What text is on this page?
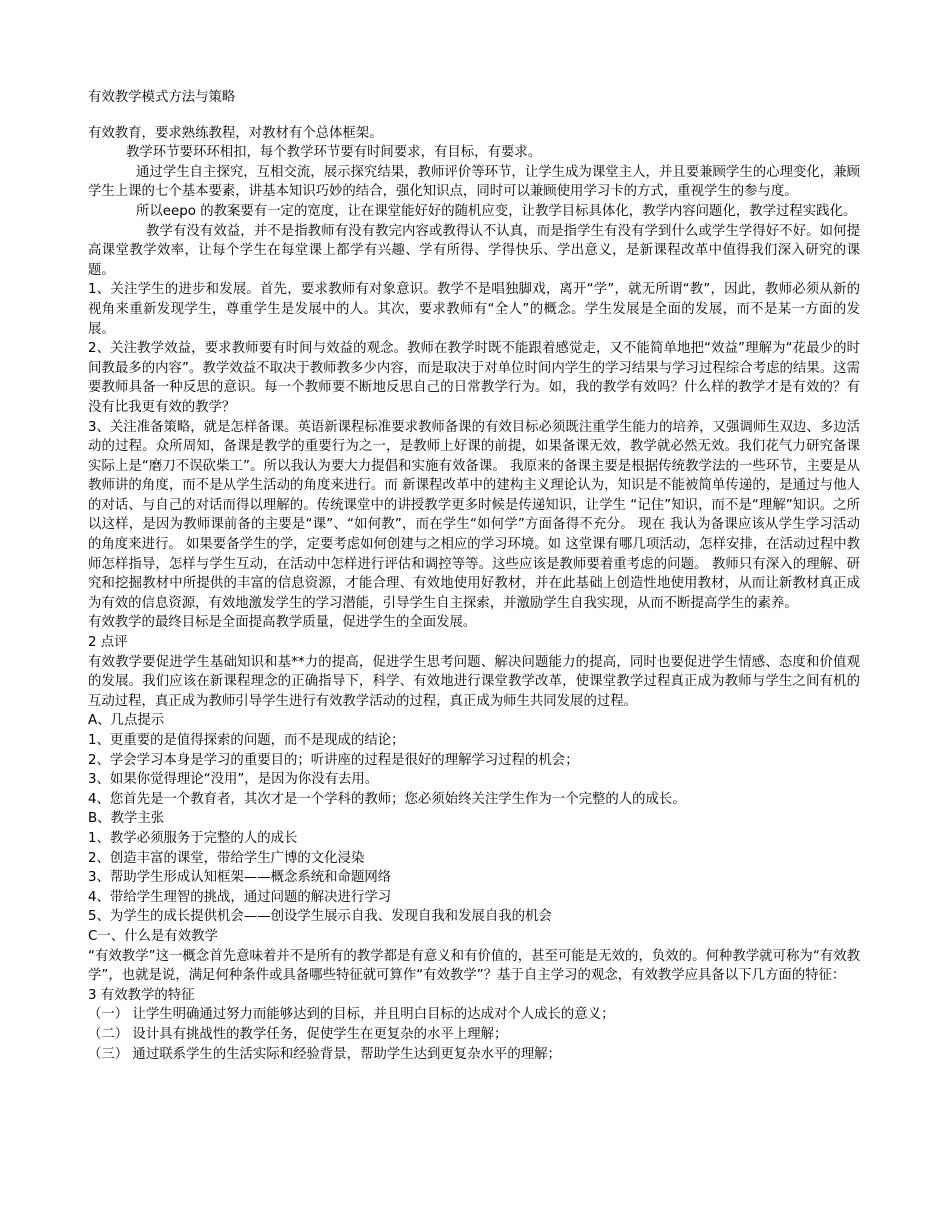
有效教学模式方法与策略

有效教育，要求熟练教程，对教材有个总体框架。

教学环节要环环相扣，每个教学环节要有时间要求，有目标，有要求。

通过学生自主探究，互相交流，展示探究结果，教师评价等环节，让学生成为课堂主人，并且要兼顾学生的心理变化，兼顾学生上课的七个基本要素，讲基本知识巧妙的结合，强化知识点，同时可以兼顾使用学习卡的方式，重视学生的参与度。

所以eepo 的教案要有一定的宽度，让在课堂能好好的随机应变，让教学目标具体化，教学内容问题化，教学过程实践化。

教学有没有效益，并不是指教师有没有教完内容或教得认不认真，而是指学生有没有学到什么或学生学得好不好。如何提高课堂教学效率，让每个学生在每堂课上都学有兴趣、学有所得、学得快乐、学出意义，是新课程改革中值得我们深入研究的课题。

1、关注学生的进步和发展。首先，要求教师有对象意识。教学不是唱独脚戏，离开“学”，就无所谓“教”，因此，教师必须从新的视角来重新发现学生，尊重学生是发展中的人。其次，要求教师有“全人”的概念。学生发展是全面的发展，而不是某一方面的发展。

2、关注教学效益，要求教师要有时间与效益的观念。教师在教学时既不能跟着感觉走，又不能简单地把“效益”理解为“花最少的时间教最多的内容”。教学效益不取决于教师教多少内容，而是取决于对单位时间内学生的学习结果与学习过程综合考虑的结果。这需要教师具备一种反思的意识。每一个教师要不断地反思自己的日常教学行为。如，我的教学有效吗？什么样的教学才是有效的？有没有比我更有效的教学？

3、关注准备策略，就是怎样备课。英语新课程标准要求教师备课的有效目标必须既注重学生能力的培养，又强调师生双边、多边活动的过程。众所周知，备课是教学的重要行为之一，是教师上好课的前提，如果备课无效，教学就必然无效。我们花气力研究备课实际上是“磨刀不误砍柴工”。所以我认为要大力提倡和实施有效备课。 我原来的备课主要是根据传统教学法的一些环节，主要是从教师讲的角度，而不是从学生活动的角度来进行。而 新课程改革中的建构主义理论认为，知识是不能被简单传递的，是通过与他人的对话、与自己的对话而得以理解的。传统课堂中的讲授教学更多时候是传递知识，让学生 “记住”知识，而不是“理解”知识。之所以这样，是因为教师课前备的主要是“课”、“如何教”，而在学生“如何学”方面备得不充分。 现在 我认为备课应该从学生学习活动的角度来进行。 如果要备学生的学，定要考虑如何创建与之相应的学习环境。如 这堂课有哪几项活动，怎样安排，在活动过程中教师怎样指导，怎样与学生互动，在活动中怎样进行评估和调控等等。这些应该是教师要着重考虑的问题。 教师只有深入的理解、研究和挖掘教材中所提供的丰富的信息资源，才能合理、有效地使用好教材，并在此基础上创造性地使用教材，从而让新教材真正成为有效的信息资源，有效地激发学生的学习潜能，引导学生自主探索，并激励学生自我实现，从而不断提高学生的素养。

有效教学的最终目标是全面提高教学质量，促进学生的全面发展。

2 点评

有效教学要促进学生基础知识和基**力的提高，促进学生思考问题、解决问题能力的提高，同时也要促进学生情感、态度和价值观的发展。我们应该在新课程理念的正确指导下，科学、有效地进行课堂教学改革，使课堂教学过程真正成为教师与学生之间有机的互动过程，真正成为教师引导学生进行有效教学活动的过程，真正成为师生共同发展的过程。

A、几点提示

1、更重要的是值得探索的问题，而不是现成的结论；

2、学会学习本身是学习的重要目的；听讲座的过程是很好的理解学习过程的机会；

3、如果你觉得理论“没用”，是因为你没有去用。

4、您首先是一个教育者，其次才是一个学科的教师；您必须始终关注学生作为一个完整的人的成长。

B、教学主张

1、教学必须服务于完整的人的成长

2、创造丰富的课堂，带给学生广博的文化浸染

3、帮助学生形成认知框架——概念系统和命题网络

4、带给学生理智的挑战，通过问题的解决进行学习

5、为学生的成长提供机会——创设学生展示自我、发现自我和发展自我的机会

C一、什么是有效教学

“有效教学”这一概念首先意味着并不是所有的教学都是有意义和有价值的，甚至可能是无效的，负效的。何种教学就可称为“有效教学”，也就是说，满足何种条件或具备哪些特征就可算作“有效教学”？基于自主学习的观念，有效教学应具备以下几方面的特征：

3 有效教学的特征

（一） 让学生明确通过努力而能够达到的目标，并且明白目标的达成对个人成长的意义；

（二） 设计具有挑战性的教学任务，促使学生在更复杂的水平上理解；

（三） 通过联系学生的生活实际和经验背景，帮助学生达到更复杂水平的理解；
